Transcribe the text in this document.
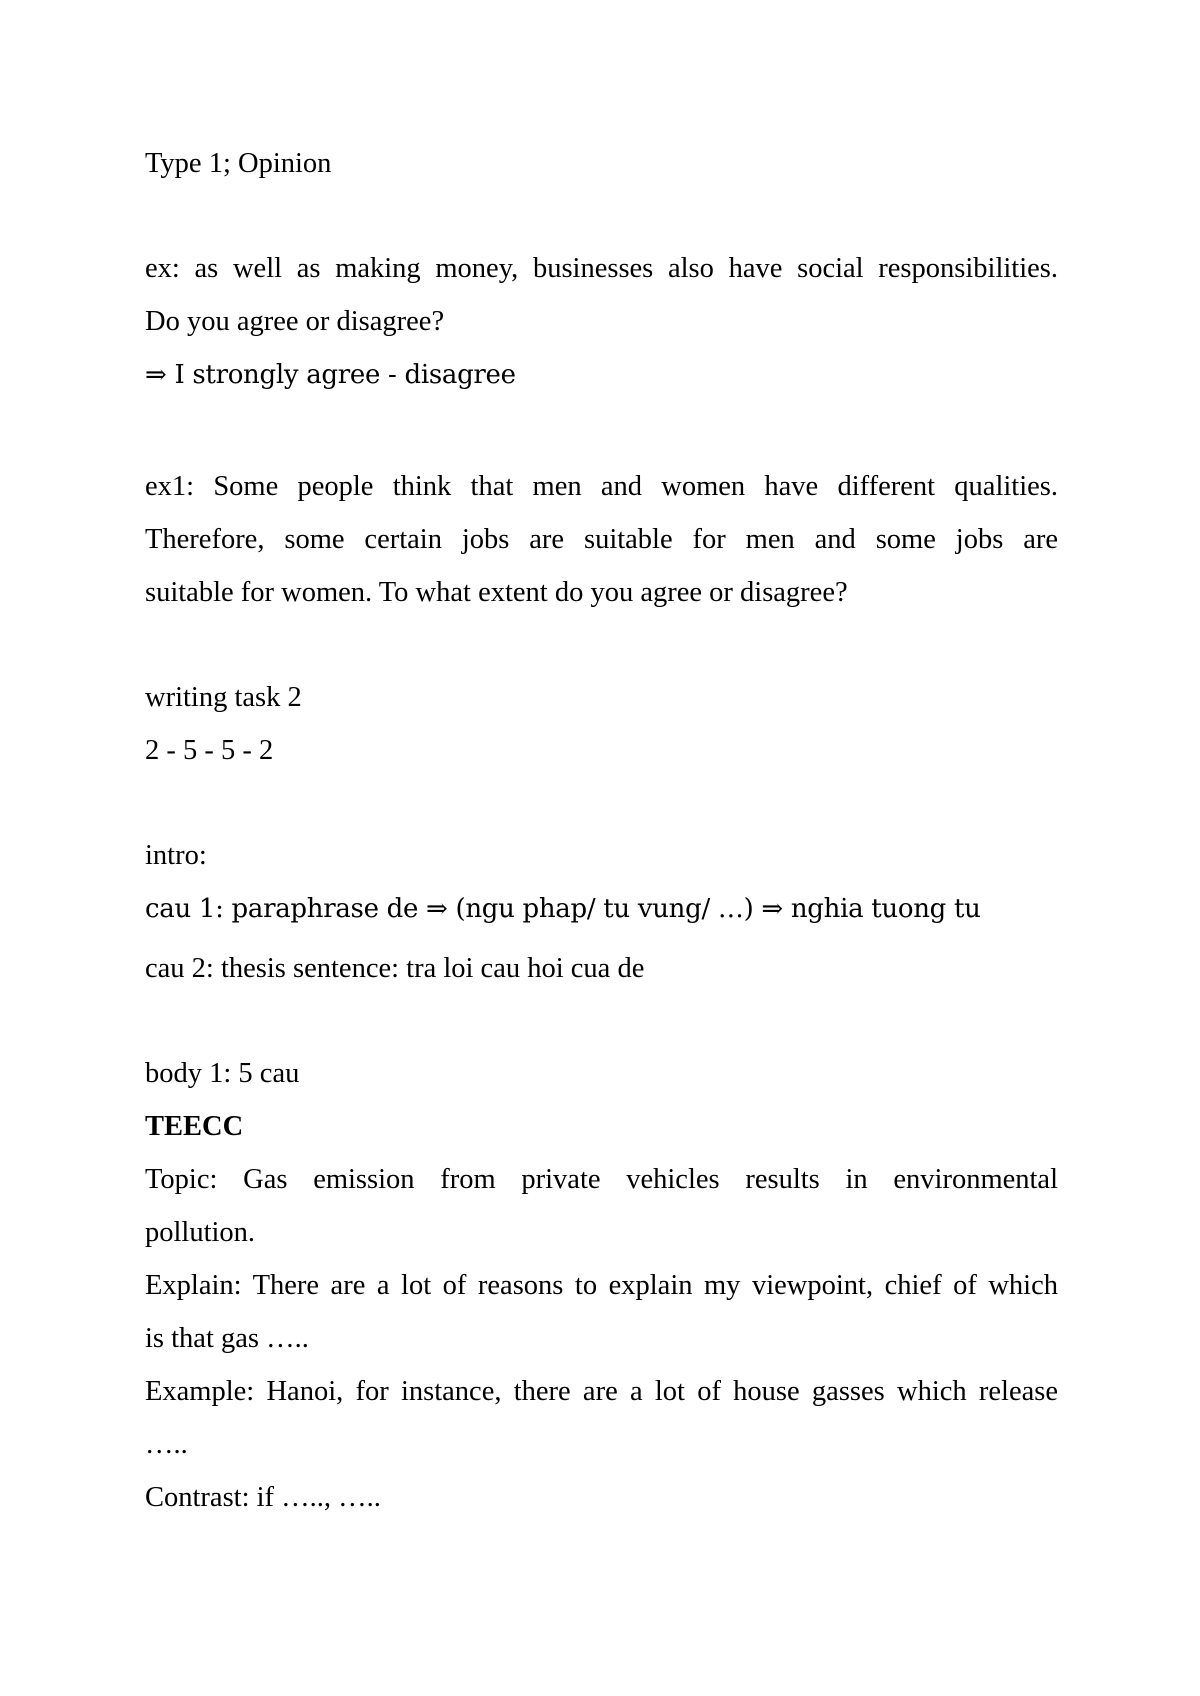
Type 1; Opinion
ex: as well as making money, businesses also have social responsibilities.
Do you agree or disagree?
⇒ I strongly agree - disagree
ex1: Some people think that men and women have different qualities.
Therefore, some certain jobs are suitable for men and some jobs are
suitable for women. To what extent do you agree or disagree?
writing task 2
2 - 5 - 5 - 2
intro:
cau 1: paraphrase de ⇒ (ngu phap/ tu vung/ …) ⇒ nghia tuong tu
cau 2: thesis sentence: tra loi cau hoi cua de
body 1: 5 cau
TEECC
Topic: Gas emission from private vehicles results in environmental
pollution.
Explain: There are a lot of reasons to explain my viewpoint, chief of which
is that gas …..
Example: Hanoi, for instance, there are a lot of house gasses which release
…..
Contrast: if ….., …..
